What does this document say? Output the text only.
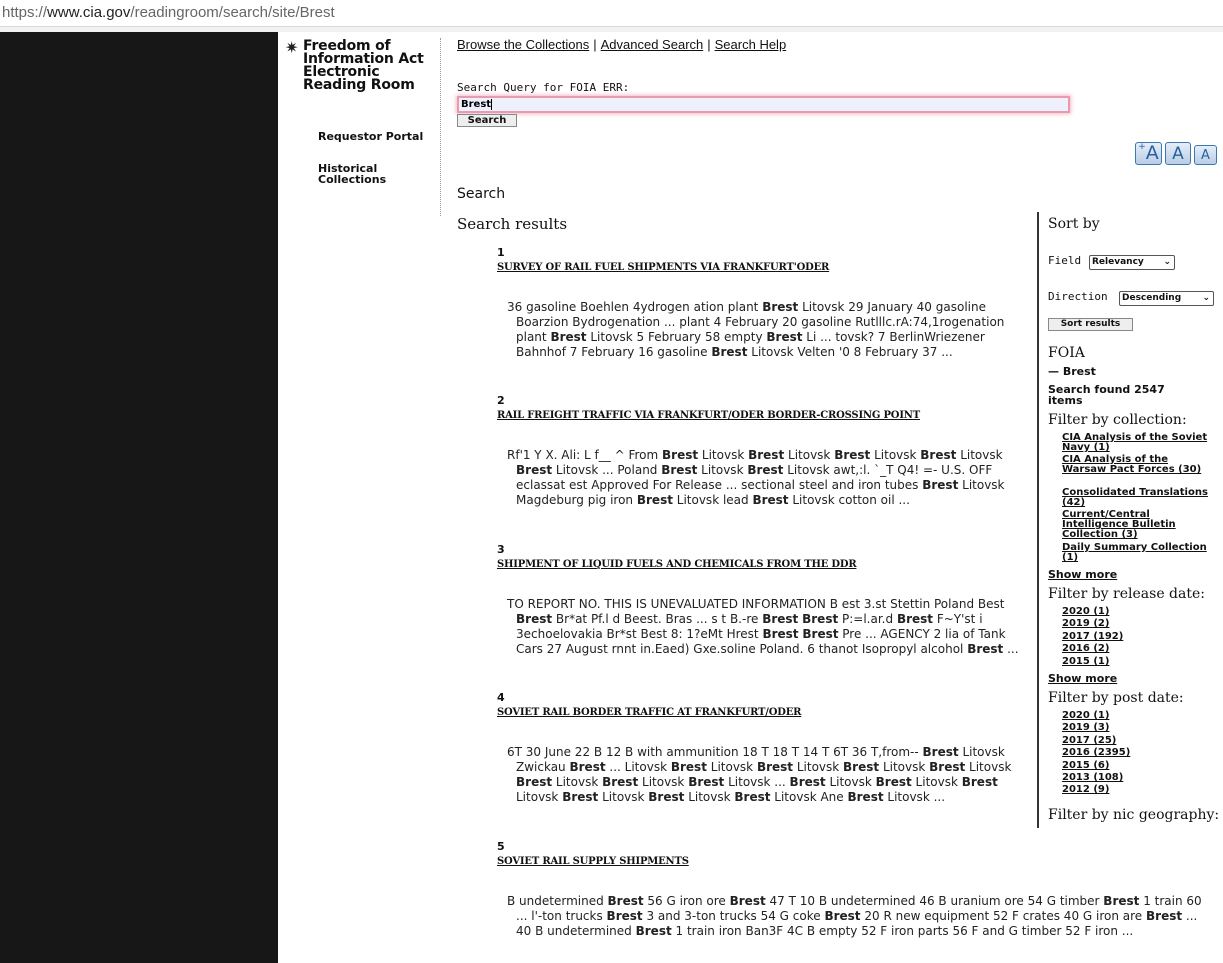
https://www.cia.gov/readingroom/search/site/Brest
✷ Freedom of Information Act Electronic Reading Room
Requestor Portal
Historical Collections
Browse the Collections | Advanced Search | Search Help
Search Query for FOIA ERR:
Brest
Search
+A A	A
Search
Search results
1
SURVEY OF RAIL FUEL SHIPMENTS VIA FRANKFURT'ODER
36 gasoline Boehlen 4ydrogen ation plant Brest Litovsk 29 January 40 gasoline Boarzion Bydrogenation ... plant 4 February 20 gasoline Rutlllc.rA:74,1rogenation plant Brest Litovsk 5 February 58 empty Brest Li ... tovsk? 7 BerlinWriezener Bahnhof 7 February 16 gasoline Brest Litovsk Velten '0 8 February 37 ...
2
RAIL FREIGHT TRAFFIC VIA FRANKFURT/ODER BORDER-CROSSING POINT
Rf'1 Y X. Ali: L f__ ^ From Brest Litovsk Brest Litovsk Brest Litovsk Brest Litovsk Brest Litovsk ... Poland Brest Litovsk Brest Litovsk awt,:l. `_T Q4! =- U.S. OFF eclassat est Approved For Release ... sectional steel and iron tubes Brest Litovsk Magdeburg pig iron Brest Litovsk lead Brest Litovsk cotton oil ...
3
SHIPMENT OF LIQUID FUELS AND CHEMICALS FROM THE DDR
TO REPORT NO. THIS IS UNEVALUATED INFORMATION B est 3.st Stettin Poland Best Brest Br*at Pf.l d Beest. Bras ... s t B.-re Brest Brest P:=l.ar.d Brest F~Y'st i 3echoelovakia Br*st Best 8: 1?eMt Hrest Brest Brest Pre ... AGENCY 2 lia of Tank Cars 27 August rnnt in.Eaed) Gxe.soline Poland. 6 thanot Isopropyl alcohol Brest ...
4
SOVIET RAIL BORDER TRAFFIC AT FRANKFURT/ODER
6T 30 June 22 B 12 B with ammunition 18 T 18 T 14 T 6T 36 T,from-- Brest Litovsk Zwickau Brest ... Litovsk Brest Litovsk Brest Litovsk Brest Litovsk Brest Litovsk Brest Litovsk Brest Litovsk Brest Litovsk ... Brest Litovsk Brest Litovsk Brest Litovsk Brest Litovsk Brest Litovsk Brest Litovsk Ane Brest Litovsk ...
5
SOVIET RAIL SUPPLY SHIPMENTS
B undetermined Brest 56 G iron ore Brest 47 T 10 B undetermined 46 B uranium ore 54 G timber Brest 1 train 60 ... l'-ton trucks Brest 3 and 3-ton trucks 54 G coke Brest 20 R new equipment 52 F crates 40 G iron are Brest ... 40 B undetermined Brest 1 train iron Ban3F 4C B empty 52 F iron parts 56 F and G timber 52 F iron ...
Sort by
Field	Relevancy ⌄
Direction	Descending ⌄
Sort results
FOIA
— Brest
Search found 2547 items
Filter by collection:
CIA Analysis of the Soviet Navy (1)
CIA Analysis of the Warsaw Pact Forces (30)
Consolidated Translations (42)
Current/Central Intelligence Bulletin Collection (3)
Daily Summary Collection (1)
Show more
Filter by release date:
2020 (1)
2019 (2)
2017 (192)
2016 (2)
2015 (1)
Show more
Filter by post date:
2020 (1)
2019 (3)
2017 (25)
2016 (2395)
2015 (6)
2013 (108)
2012 (9)
Filter by nic geography:
